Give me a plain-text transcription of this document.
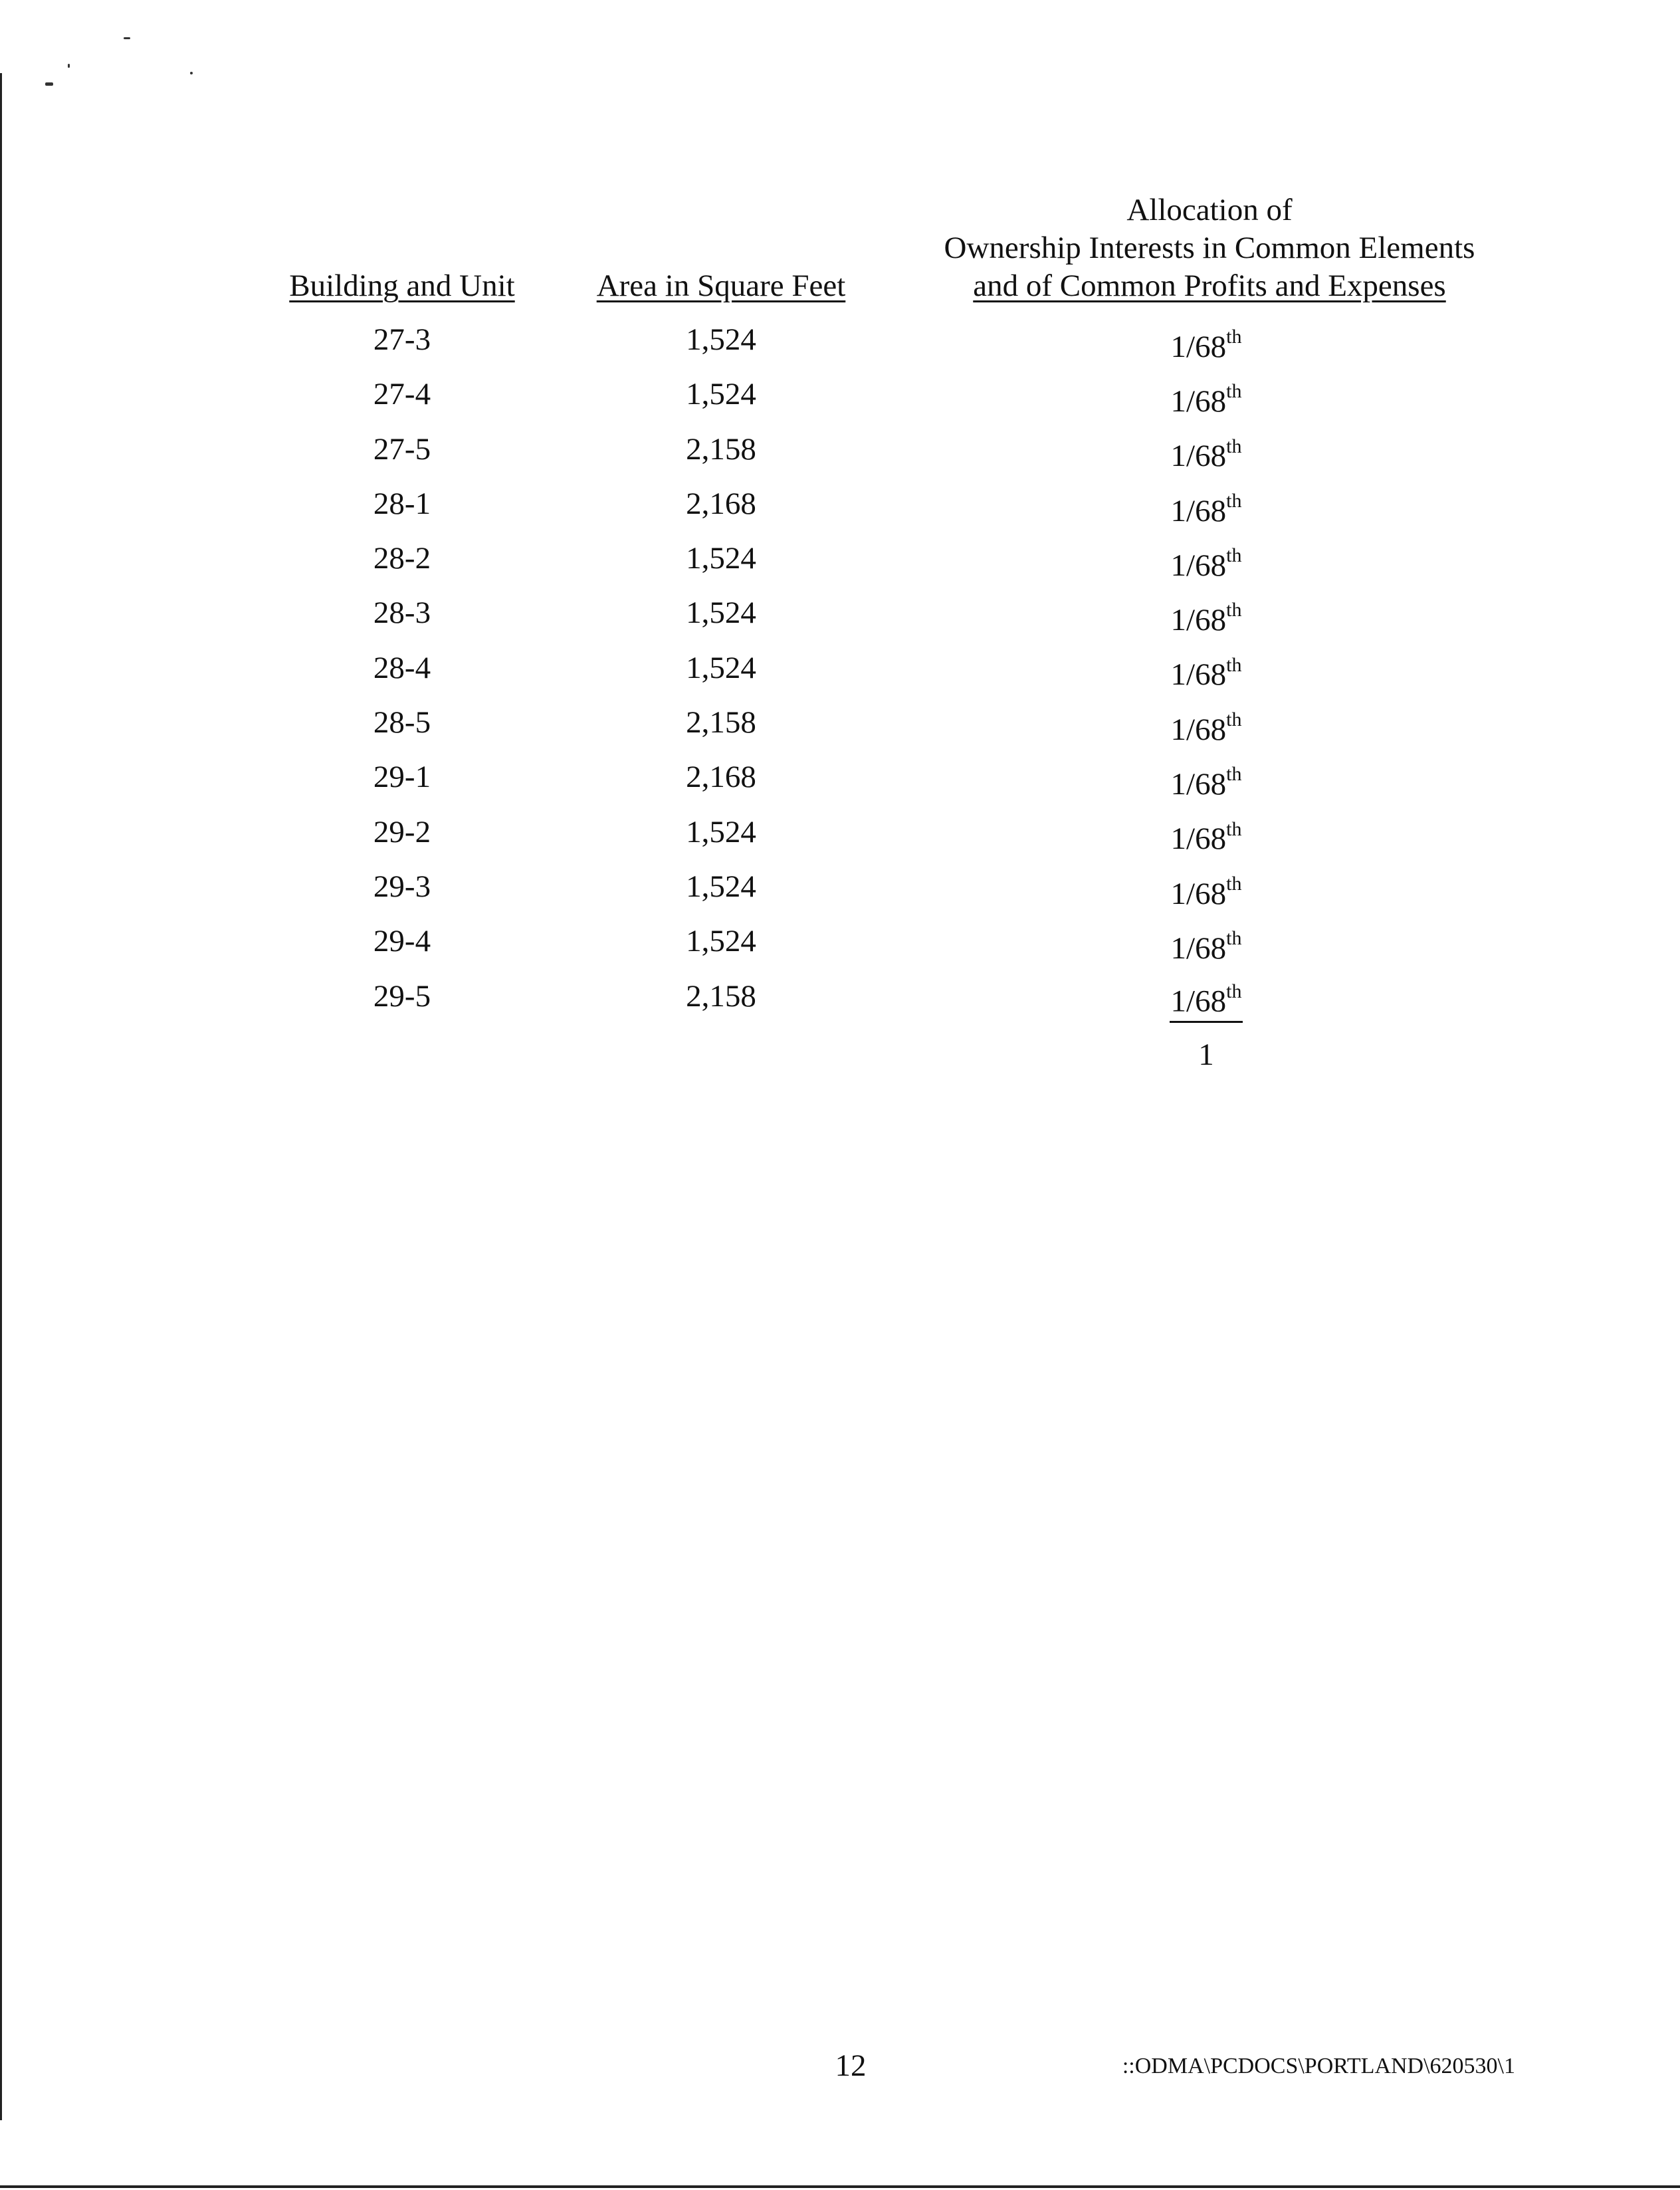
Building and Unit	Area in Square Feet
Allocation of
Ownership Interests in Common Elements
and of Common Profits and Expenses
27-3	1,524	1/68th
27-4	1,524	1/68th
27-5	2,158	1/68th
28-1	2,168	1/68th
28-2	1,524	1/68th
28-3	1,524	1/68th
28-4	1,524	1/68th
28-5	2,158	1/68th
29-1	2,168	1/68th
29-2	1,524	1/68th
29-3	1,524	1/68th
29-4	1,524	1/68th
29-5	2,158	1/68th
1
12	::ODMA\PCDOCS\PORTLAND\620530\1
